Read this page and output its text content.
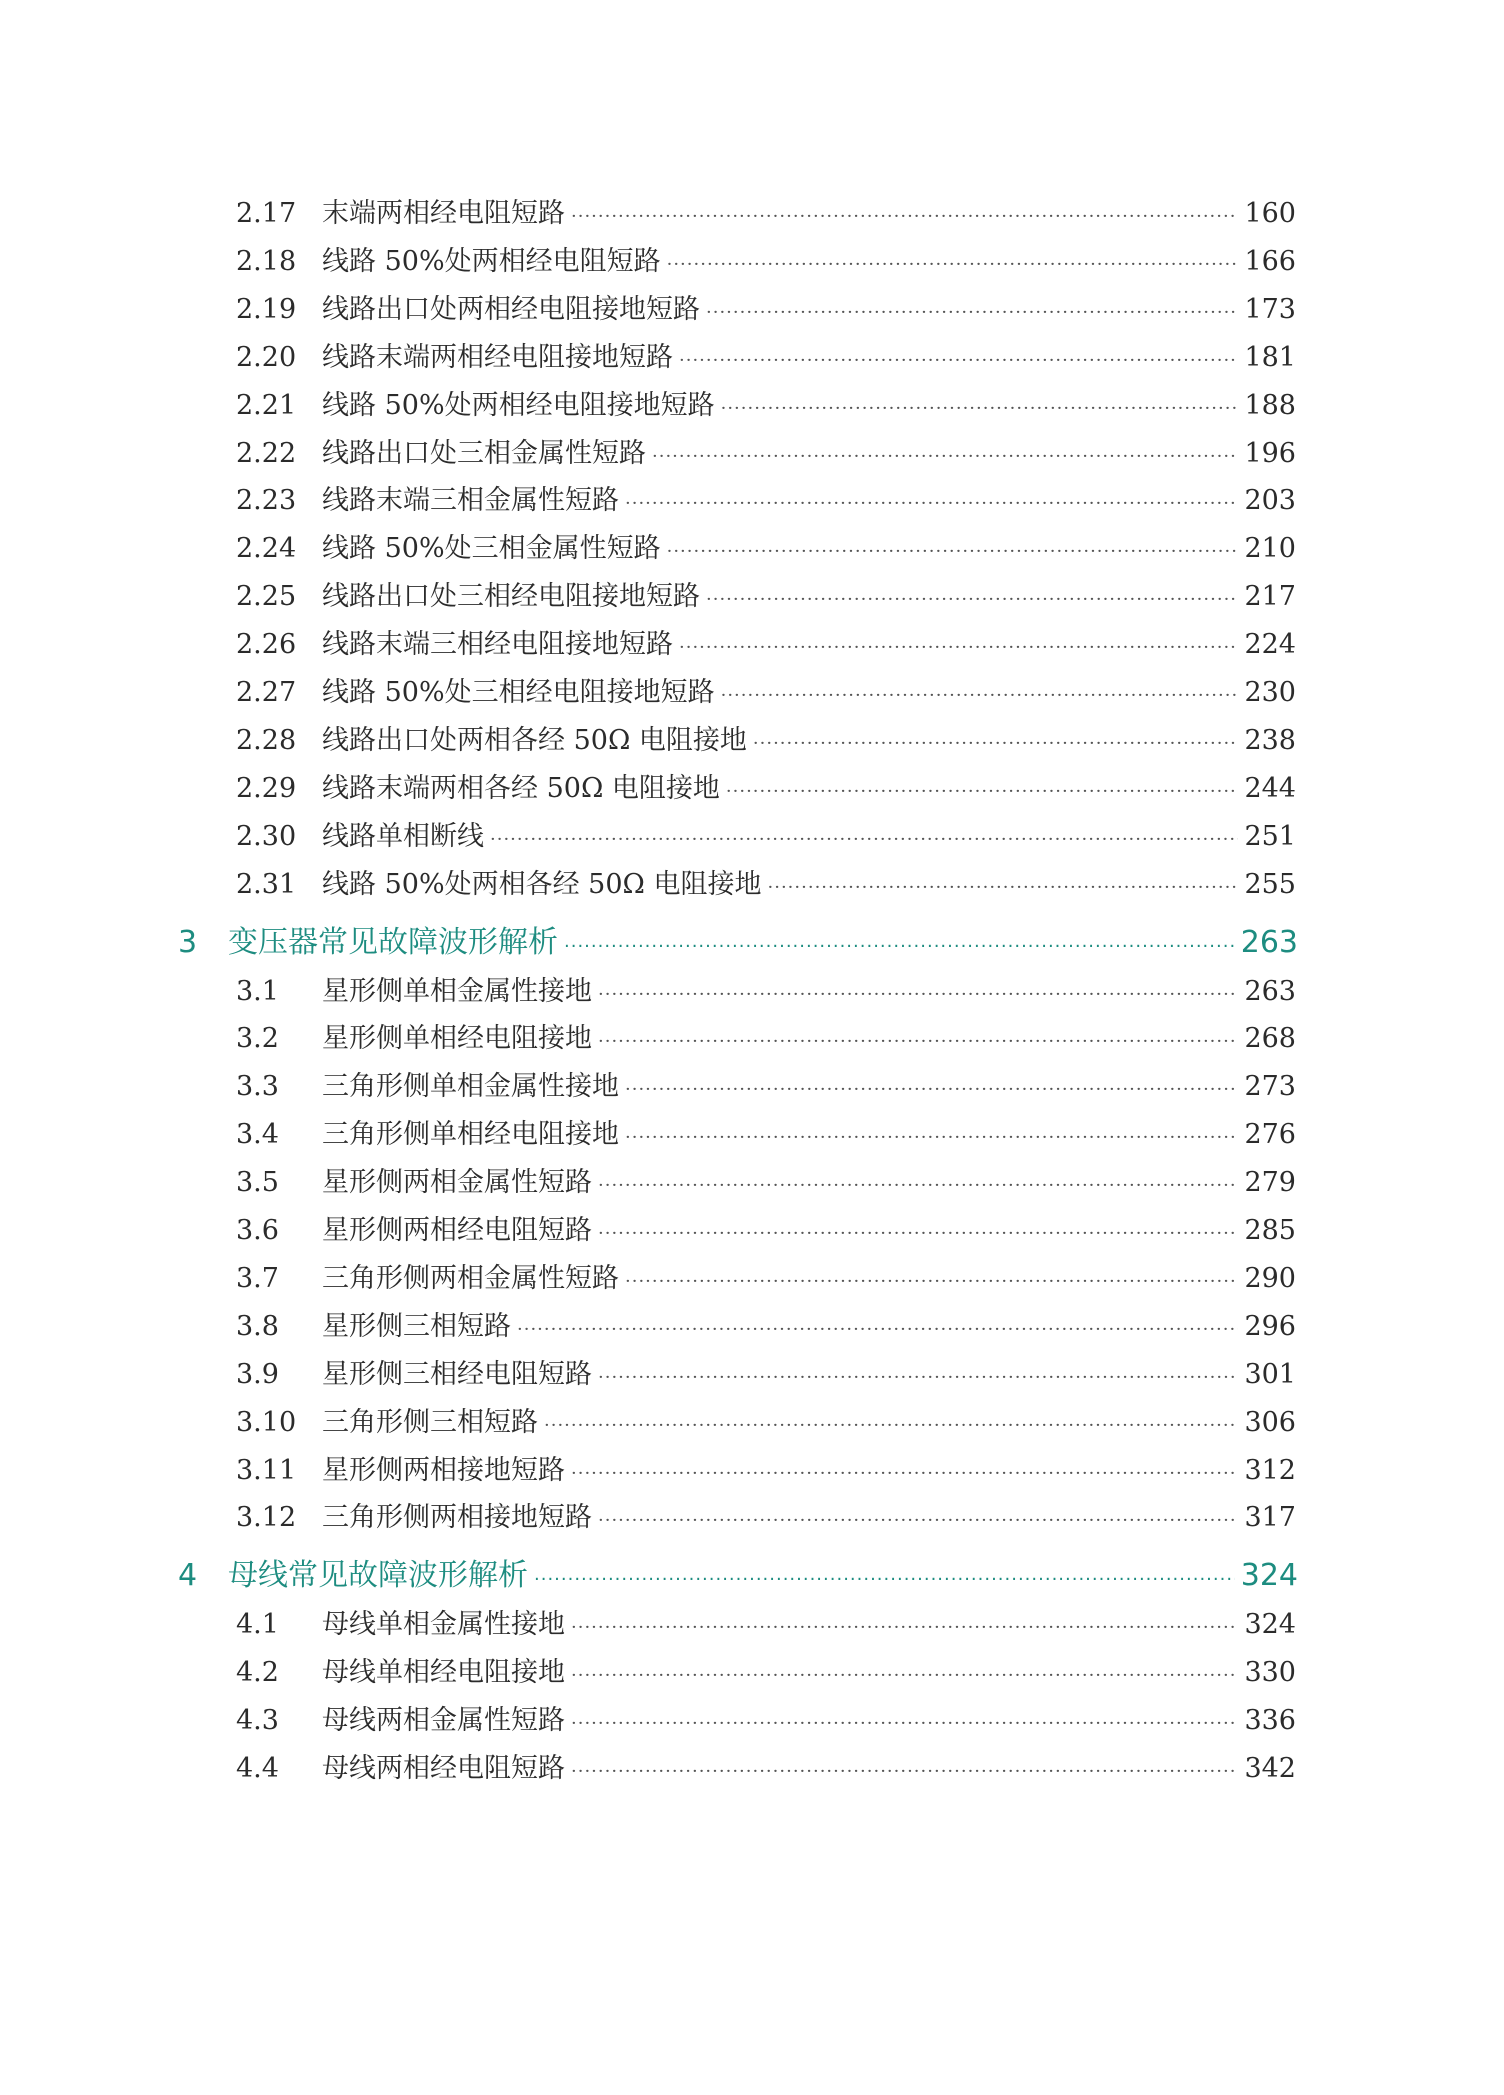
2.17 末端两相经电阻短路 ·····	160
2.18 线路 50%处两相经电阻短路 ·····	166
2.19 线路出口处两相经电阻接地短路 ·····	173
2.20 线路末端两相经电阻接地短路 ·····	181
2.21 线路 50%处两相经电阻接地短路 ·····	188
2.22 线路出口处三相金属性短路 ·····	196
2.23 线路末端三相金属性短路 ·····	203
2.24 线路 50%处三相金属性短路 ·····	210
2.25 线路出口处三相经电阻接地短路 ·····	217
2.26 线路末端三相经电阻接地短路 ·····	224
2.27 线路 50%处三相经电阻接地短路 ·····	230
2.28 线路出口处两相各经 50Ω 电阻接地 ·····	238
2.29 线路末端两相各经 50Ω 电阻接地 ·····	244
2.30 线路单相断线 ·····	251
2.31 线路 50%处两相各经 50Ω 电阻接地 ·····	255
3	变压器常见故障波形解析 ·····	263
3.1	星形侧单相金属性接地 ·····	263
3.2	星形侧单相经电阻接地 ·····	268
3.3	三角形侧单相金属性接地 ·····	273
3.4	三角形侧单相经电阻接地 ·····	276
3.5	星形侧两相金属性短路 ·····	279
3.6	星形侧两相经电阻短路 ·····	285
3.7	三角形侧两相金属性短路 ·····	290
3.8	星形侧三相短路 ·····	296
3.9	星形侧三相经电阻短路 ·····	301
3.10 三角形侧三相短路 ·····	306
3.11 星形侧两相接地短路 ·····	312
3.12 三角形侧两相接地短路 ·····	317
4	母线常见故障波形解析 ·····	324
4.1	母线单相金属性接地 ·····	324
4.2	母线单相经电阻接地 ·····	330
4.3	母线两相金属性短路 ·····	336
4.4	母线两相经电阻短路 ·····	342
